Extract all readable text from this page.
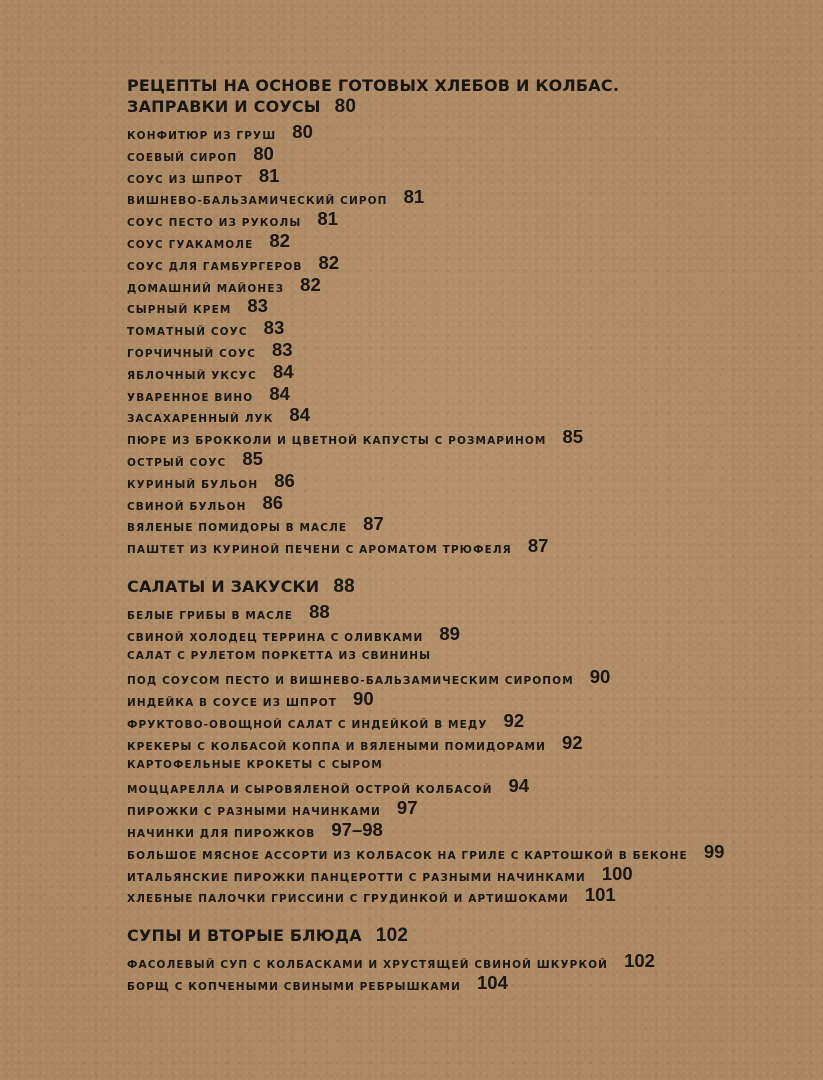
РЕЦЕПТЫ НА ОСНОВЕ ГОТОВЫХ ХЛЕБОВ И КОЛБАС.
ЗАПРАВКИ И СОУСЫ 80
КОНФИТЮР ИЗ ГРУШ 80
СОЕВЫЙ СИРОП 80
СОУС ИЗ ШПРОТ 81
ВИШНЕВО-БАЛЬЗАМИЧЕСКИЙ СИРОП 81
СОУС ПЕСТО ИЗ РУКОЛЫ 81
СОУС ГУАКАМОЛЕ 82
СОУС ДЛЯ ГАМБУРГЕРОВ 82
ДОМАШНИЙ МАЙОНЕЗ 82
СЫРНЫЙ КРЕМ 83
ТОМАТНЫЙ СОУС 83
ГОРЧИЧНЫЙ СОУС 83
ЯБЛОЧНЫЙ УКСУС 84
УВАРЕННОЕ ВИНО 84
ЗАСАХАРЕННЫЙ ЛУК 84
ПЮРЕ ИЗ БРОККОЛИ И ЦВЕТНОЙ КАПУСТЫ С РОЗМАРИНОМ 85
ОСТРЫЙ СОУС 85
КУРИНЫЙ БУЛЬОН 86
СВИНОЙ БУЛЬОН 86
ВЯЛЕНЫЕ ПОМИДОРЫ В МАСЛЕ 87
ПАШТЕТ ИЗ КУРИНОЙ ПЕЧЕНИ С АРОМАТОМ ТРЮФЕЛЯ 87
САЛАТЫ И ЗАКУСКИ 88
БЕЛЫЕ ГРИБЫ В МАСЛЕ 88
СВИНОЙ ХОЛОДЕЦ ТЕРРИНА С ОЛИВКАМИ 89
САЛАТ С РУЛЕТОМ ПОРКЕТТА ИЗ СВИНИНЫ
ПОД СОУСОМ ПЕСТО И ВИШНЕВО-БАЛЬЗАМИЧЕСКИМ СИРОПОМ 90
ИНДЕЙКА В СОУСЕ ИЗ ШПРОТ 90
ФРУКТОВО-ОВОЩНОЙ САЛАТ С ИНДЕЙКОЙ В МЕДУ 92
КРЕКЕРЫ С КОЛБАСОЙ КОППА И ВЯЛЕНЫМИ ПОМИДОРАМИ 92
КАРТОФЕЛЬНЫЕ КРОКЕТЫ С СЫРОМ
МОЦЦАРЕЛЛА И СЫРОВЯЛЕНОЙ ОСТРОЙ КОЛБАСОЙ 94
ПИРОЖКИ С РАЗНЫМИ НАЧИНКАМИ 97
НАЧИНКИ ДЛЯ ПИРОЖКОВ 97–98
БОЛЬШОЕ МЯСНОЕ АССОРТИ ИЗ КОЛБАСОК НА ГРИЛЕ С КАРТОШКОЙ В БЕКОНЕ 99
ИТАЛЬЯНСКИЕ ПИРОЖКИ ПАНЦЕРОТТИ С РАЗНЫМИ НАЧИНКАМИ 100
ХЛЕБНЫЕ ПАЛОЧКИ ГРИССИНИ С ГРУДИНКОЙ И АРТИШОКАМИ 101
СУПЫ И ВТОРЫЕ БЛЮДА 102
ФАСОЛЕВЫЙ СУП С КОЛБАСКАМИ И ХРУСТЯЩЕЙ СВИНОЙ ШКУРКОЙ 102
БОРЩ С КОПЧЕНЫМИ СВИНЫМИ РЕБРЫШКАМИ 104
